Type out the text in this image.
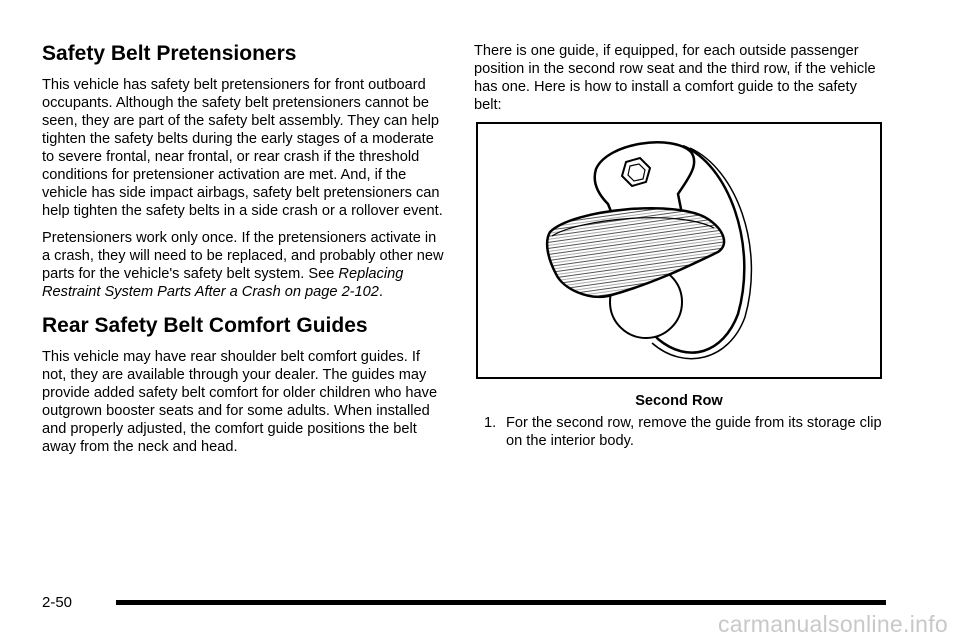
Safety Belt Pretensioners

This vehicle has safety belt pretensioners for front outboard occupants. Although the safety belt pretensioners cannot be seen, they are part of the safety belt assembly. They can help tighten the safety belts during the early stages of a moderate to severe frontal, near frontal, or rear crash if the threshold conditions for pretensioner activation are met. And, if the vehicle has side impact airbags, safety belt pretensioners can help tighten the safety belts in a side crash or a rollover event.

Pretensioners work only once. If the pretensioners activate in a crash, they will need to be replaced, and probably other new parts for the vehicle's safety belt system. See Replacing Restraint System Parts After a Crash on page 2-102.

Rear Safety Belt Comfort Guides

This vehicle may have rear shoulder belt comfort guides. If not, they are available through your dealer. The guides may provide added safety belt comfort for older children who have outgrown booster seats and for some adults. When installed and properly adjusted, the comfort guide positions the belt away from the neck and head.

There is one guide, if equipped, for each outside passenger position in the second row seat and the third row, if the vehicle has one. Here is how to install a comfort guide to the safety belt:

Second Row
1. For the second row, remove the guide from its storage clip on the interior body.
2-50
carmanualsonline.info
